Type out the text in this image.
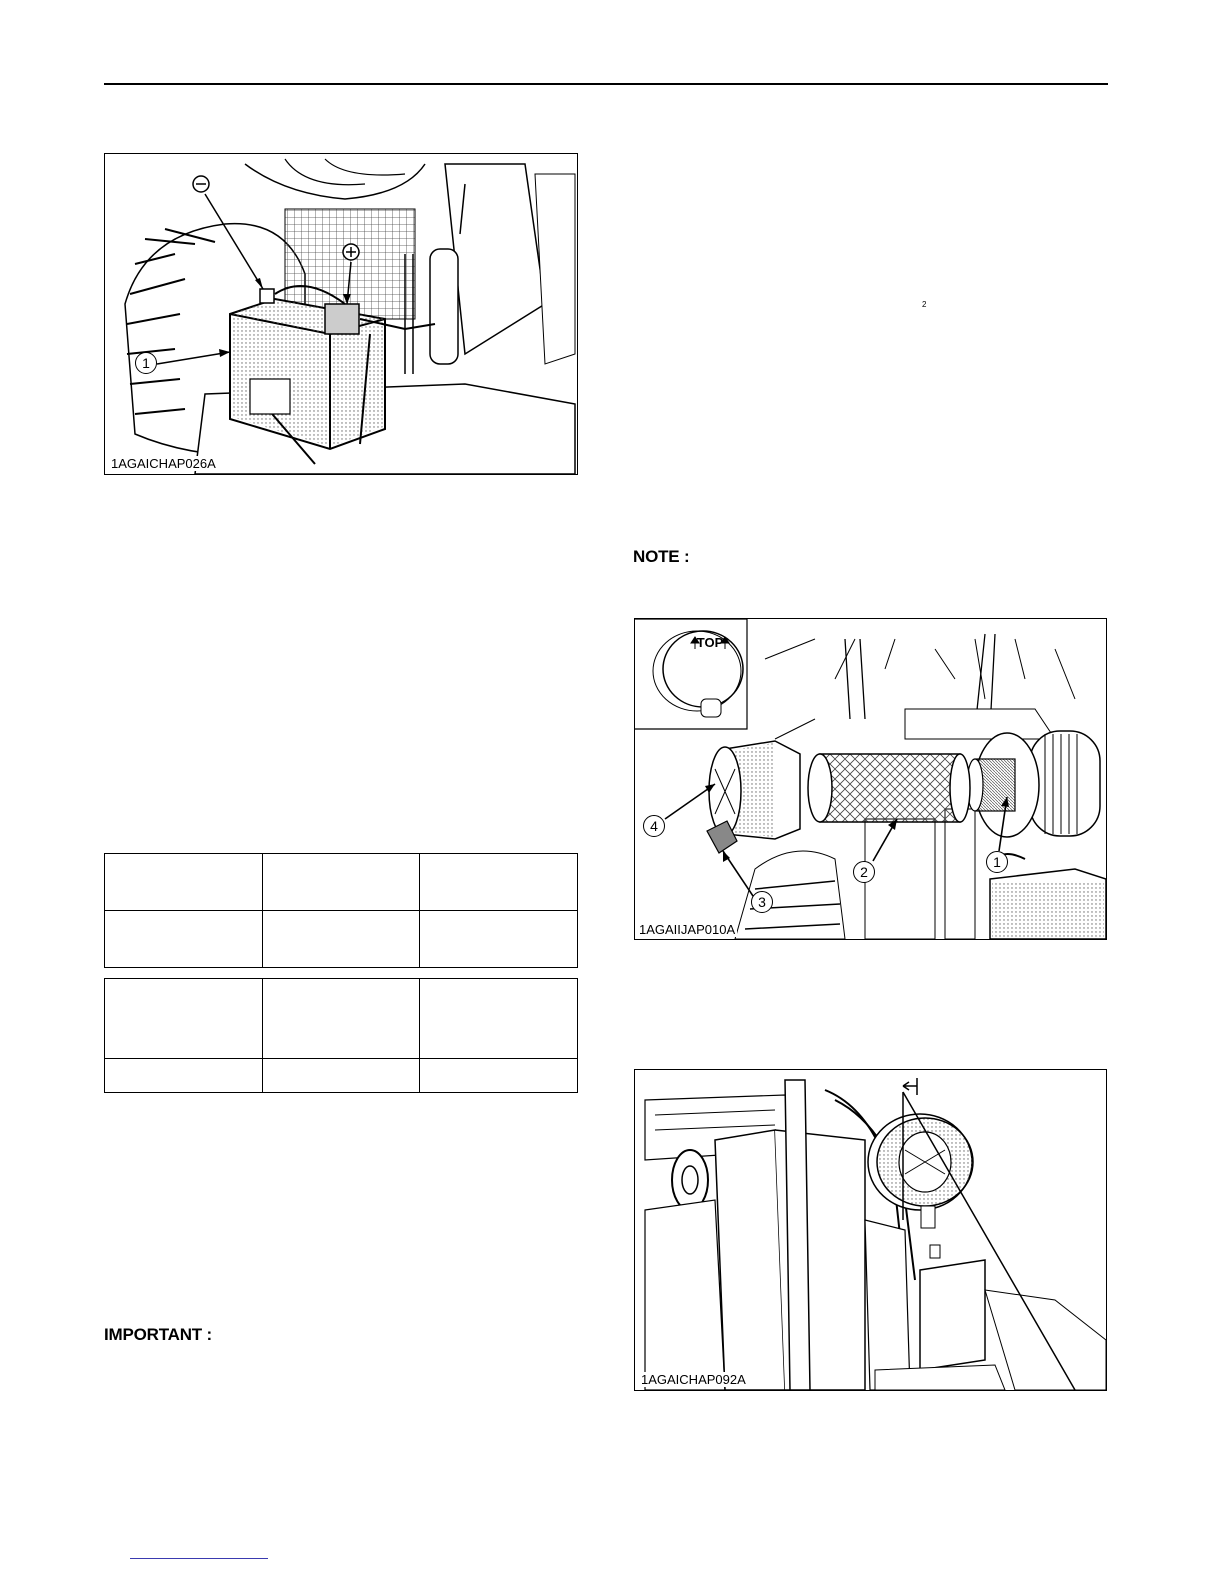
1
1AGAICHAP026A

IMPORTANT :
2
NOTE :
TOP
4
3
2
1
1AGAIIJAP010A
1AGAICHAP092A
